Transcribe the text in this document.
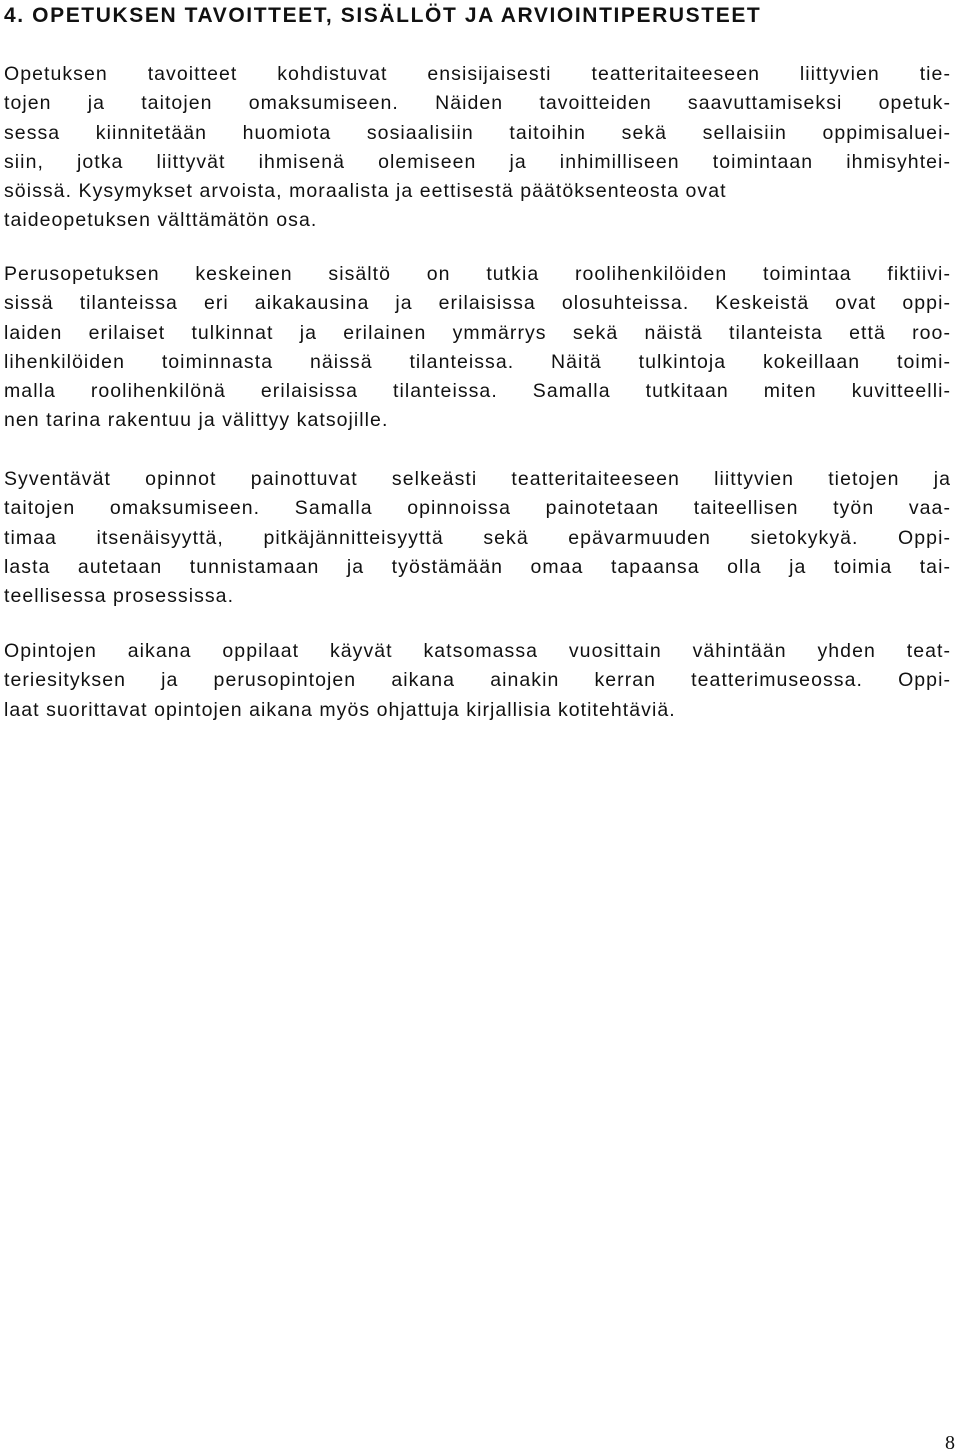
4. OPETUKSEN TAVOITTEET, SISÄLLÖT JA ARVIOINTIPERUSTEET
Opetuksen tavoitteet kohdistuvat ensisijaisesti teatteritaiteeseen liittyvien tie-
tojen ja taitojen omaksumiseen. Näiden tavoitteiden saavuttamiseksi opetuk-
sessa kiinnitetään huomiota sosiaalisiin taitoihin sekä sellaisiin oppimisaluei-
siin, jotka liittyvät ihmisenä olemiseen ja inhimilliseen toimintaan ihmisyhtei-
söissä. Kysymykset arvoista, moraalista ja eettisestä päätöksenteosta ovat
taideopetuksen välttämätön osa.
Perusopetuksen keskeinen sisältö on tutkia roolihenkilöiden toimintaa fiktiivi-
sissä tilanteissa eri aikakausina ja erilaisissa olosuhteissa. Keskeistä ovat oppi-
laiden erilaiset tulkinnat ja erilainen ymmärrys sekä näistä tilanteista että roo-
lihenkilöiden toiminnasta näissä tilanteissa. Näitä tulkintoja kokeillaan toimi-
malla roolihenkilönä erilaisissa tilanteissa. Samalla tutkitaan miten kuvitteelli-
nen tarina rakentuu ja välittyy katsojille.
Syventävät opinnot painottuvat selkeästi teatteritaiteeseen liittyvien tietojen ja
taitojen omaksumiseen. Samalla opinnoissa painotetaan taiteellisen työn vaa-
timaa itsenäisyyttä, pitkäjännitteisyyttä sekä epävarmuuden sietokykyä. Oppi-
lasta autetaan tunnistamaan ja työstämään omaa tapaansa olla ja toimia tai-
teellisessa prosessissa.
Opintojen aikana oppilaat käyvät katsomassa vuosittain vähintään yhden teat-
teriesityksen ja perusopintojen aikana ainakin kerran teatterimuseossa. Oppi-
laat suorittavat opintojen aikana myös ohjattuja kirjallisia kotitehtäviä.
8
